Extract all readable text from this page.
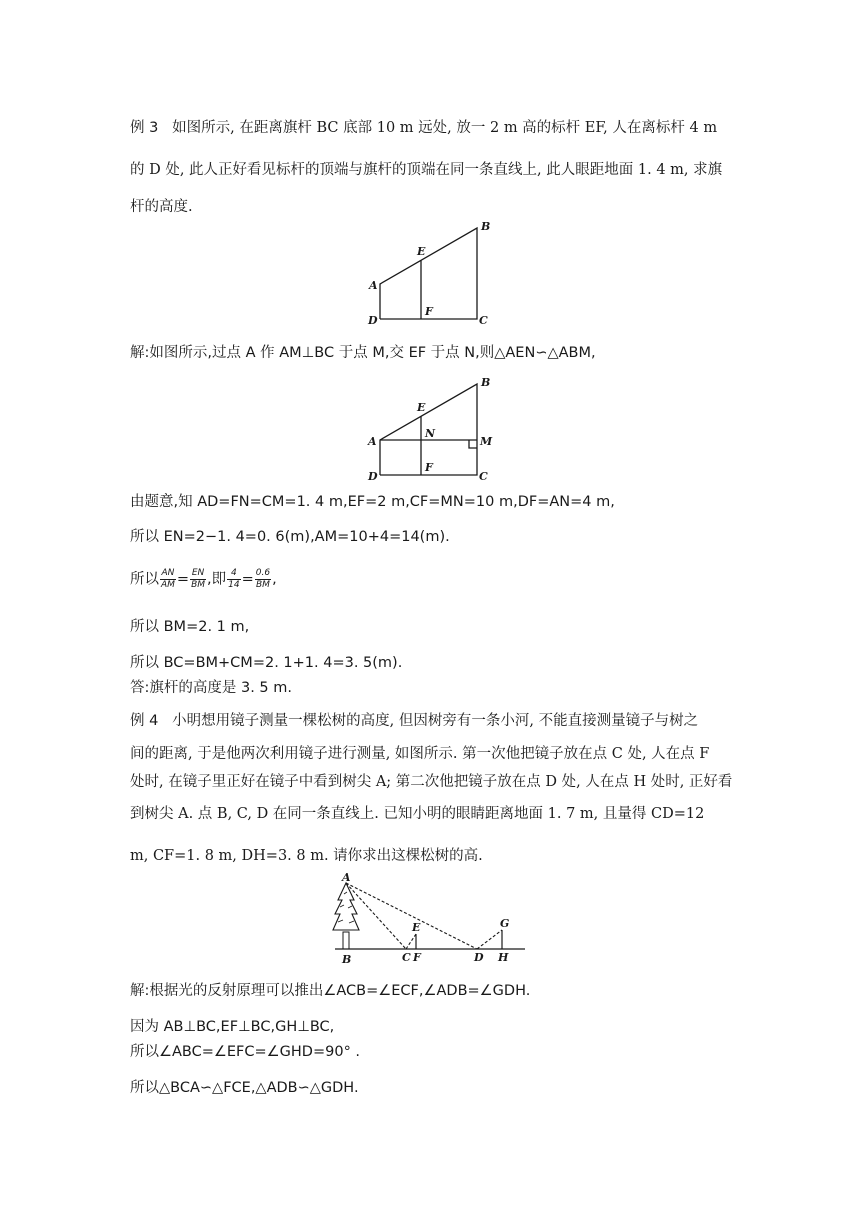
例 3 如图所示, 在距离旗杆 BC 底部 10 m 远处, 放一 2 m 高的标杆 EF, 人在离标杆 4 m
的 D 处, 此人正好看见标杆的顶端与旗杆的顶端在同一条直线上, 此人眼距地面 1. 4 m, 求旗
杆的高度.
B
E
A
D
F
C
解:如图所示,过点 A 作 AM⊥BC 于点 M,交 EF 于点 N,则△AEN∽△ABM,
B
E
N
A	M
D
F
C
由题意,知 AD=FN=CM=1. 4 m,EF=2 m,CF=MN=10 m,DF=AN=4 m,
所以 EN=2−1. 4=0. 6(m),AM=10+4=14(m).
所以 $\frac{AN}{AM} = \frac{EN}{BM}$ ,即 $\frac{4}{14} = \frac{0.6}{BM}$ ,
所以 BM=2. 1 m,
所以 BC=BM+CM=2. 1+1. 4=3. 5(m).
答:旗杆的高度是 3. 5 m.
例 4 小明想用镜子测量一棵松树的高度, 但因树旁有一条小河, 不能直接测量镜子与树之
间的距离, 于是他两次利用镜子进行测量, 如图所示. 第一次他把镜子放在点 C 处, 人在点 F
处时, 在镜子里正好在镜子中看到树尖 A; 第二次他把镜子放在点 D 处, 人在点 H 处时, 正好看
到树尖 A. 点 B, C, D 在同一条直线上. 已知小明的眼睛距离地面 1. 7 m, 且量得 CD=12
m, CF=1. 8 m, DH=3. 8 m. 请你求出这棵松树的高.
A
E	G
B	C F	D H
解:根据光的反射原理可以推出∠ACB=∠ECF,∠ADB=∠GDH.
因为 AB⊥BC,EF⊥BC,GH⊥BC,
所以∠ABC=∠EFC=∠GHD=90° .
所以△BCA∽△FCE,△ADB∽△GDH.
